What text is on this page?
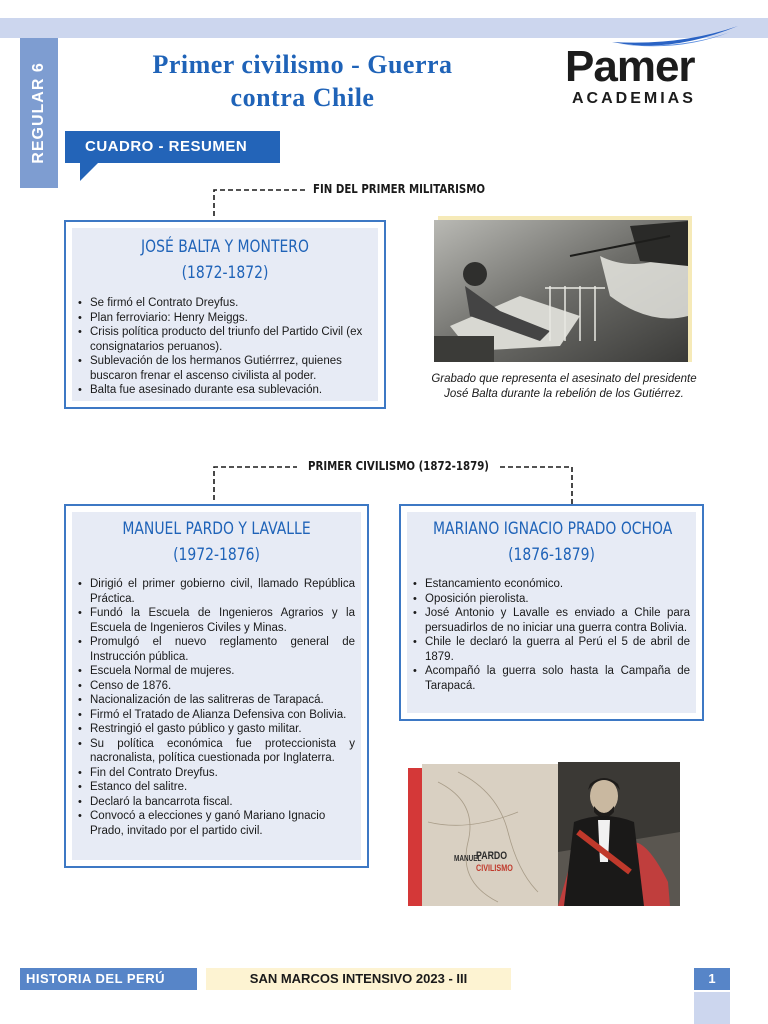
REGULAR 6	Primer civilismo - Guerra
contra Chile
Pamer
ACADEMIAS
CUADRO - RESUMEN
FIN DEL PRIMER MILITARISMO
PRIMER CIVILISMO (1872-1879)
JOSÉ BALTA Y MONTERO
(1872-1872)
• Se firmó el Contrato Dreyfus.
• Plan ferroviario: Henry Meiggs.
• Crisis política producto del triunfo del Partido Civil (ex consignatarios peruanos).
• Sublevación de los hermanos Gutiérrrez, quienes buscaron frenar el ascenso civilista al poder.
• Balta fue asesinado durante esa sublevación.
Grabado que representa el asesinato del presidente José Balta durante la rebelión de los Gutiérrez.
MANUEL PARDO Y LAVALLE
(1972-1876)
• Dirigió el primer gobierno civil, llamado República Práctica.
• Fundó la Escuela de Ingenieros Agrarios y la Escuela de Ingenieros Civiles y Minas.
• Promulgó el nuevo reglamento general de Instrucción pública.
• Escuela Normal de mujeres.
• Censo de 1876.
• Nacionalización de las salitreras de Tarapacá.
• Firmó el Tratado de Alianza Defensiva con Bolivia.
• Restringió el gasto público y gasto militar.
• Su política económica fue proteccionista y nacronalista, política cuestionada por Inglaterra.
• Fin del Contrato Dreyfus.
• Estanco del salitre.
• Declaró la bancarrota fiscal.
• Convocó a elecciones y ganó Mariano Ignacio Prado, invitado por el partido civil.
MARIANO IGNACIO PRADO OCHOA
(1876-1879)
• Estancamiento económico.
• Oposición pierolista.
• José Antonio y Lavalle es enviado a Chile para persuadirlos de no iniciar una guerra contra Bolivia.
• Chile le declaró la guerra al Perú el 5 de abril de 1879.
• Acompañó la guerra solo hasta la Campaña de Tarapacá.
MANUEL
PARDO
CIVILISMO
HISTORIA DEL PERÚ	SAN MARCOS INTENSIVO 2023 - III	1
